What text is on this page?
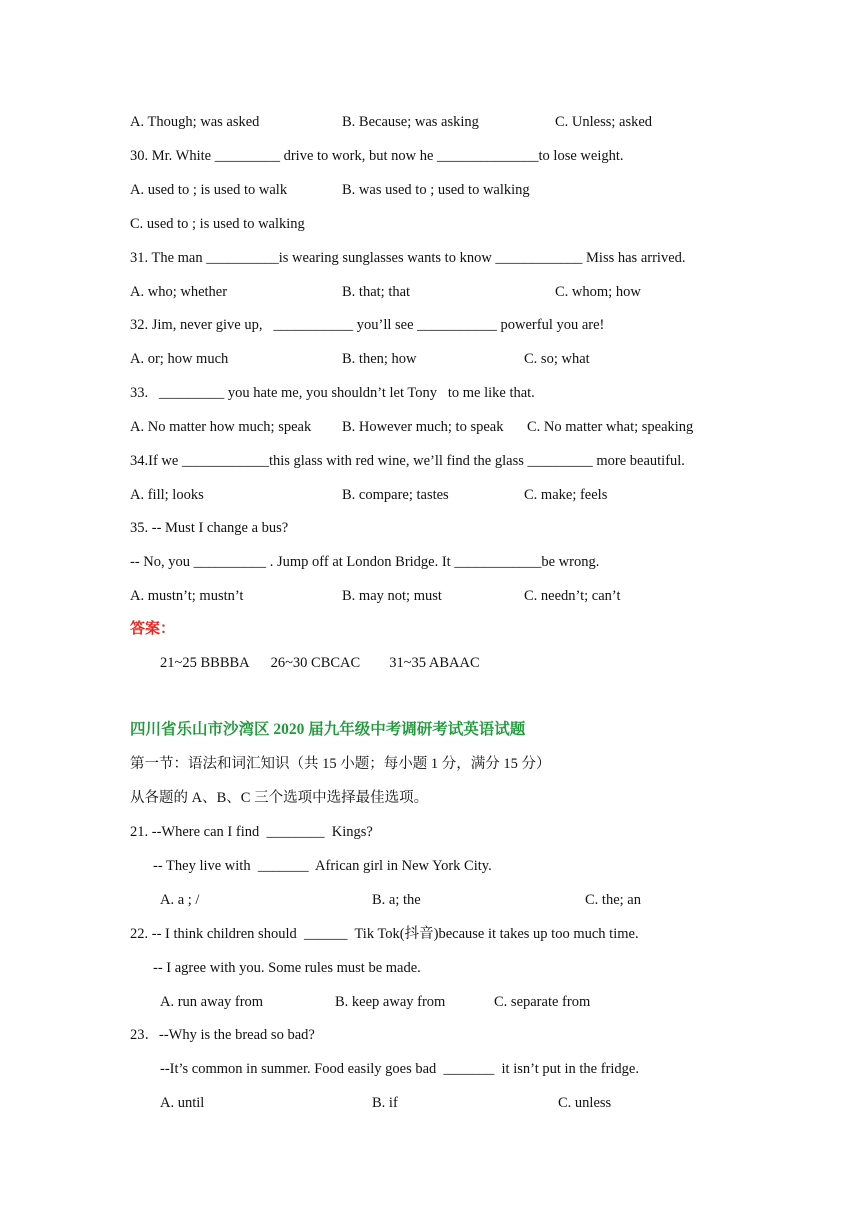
A. Though; was asked	B. Because; was asking	C. Unless; asked
30. Mr. White _________ drive to work, but now he ______________to lose weight.
A. used to ; is used to walk	B. was used to ; used to walking
C. used to ; is used to walking
31. The man __________is wearing sunglasses wants to know ____________ Miss has arrived.
A. who; whether	B. that; that	C. whom; how
32. Jim, never give up,   ___________ you’ll see ___________ powerful you are!
A. or; how much	B. then; how	C. so; what
33.   _________ you hate me, you shouldn’t let Tony   to me like that.
A. No matter how much; speak B. However much; to speak C. No matter what; speaking
34.If we ____________this glass with red wine, we’ll find the glass _________ more beautiful.
A. fill; looks	B. compare; tastes	C. make; feels
35. -- Must I change a bus?
-- No, you __________ . Jump off at London Bridge. It ____________be wrong.
A. mustn’t; mustn’t	B. may not; must	C. needn’t; can’t
答案：
21~25 BBBBA      26~30 CBCAC        31~35 ABAAC
四川省乐山市沙湾区 2020 届九年级中考调研考试英语试题
第一节：语法和词汇知识（共 15 小题；每小题 1 分，满分 15 分）
从各题的 A、B、C 三个选项中选择最佳选项。
21. --Where can I find  ________  Kings?
-- They live with  _______  African girl in New York City.
A. a ; /	B. a; the	C. the; an
22. -- I think children should  ______  Tik Tok(抖音)because it takes up too much time.
-- I agree with you. Some rules must be made.
A. run away from	B. keep away from	C. separate from
23．--Why is the bread so bad?
--It’s common in summer. Food easily goes bad  _______  it isn’t put in the fridge.
A. until	B. if	C. unless
